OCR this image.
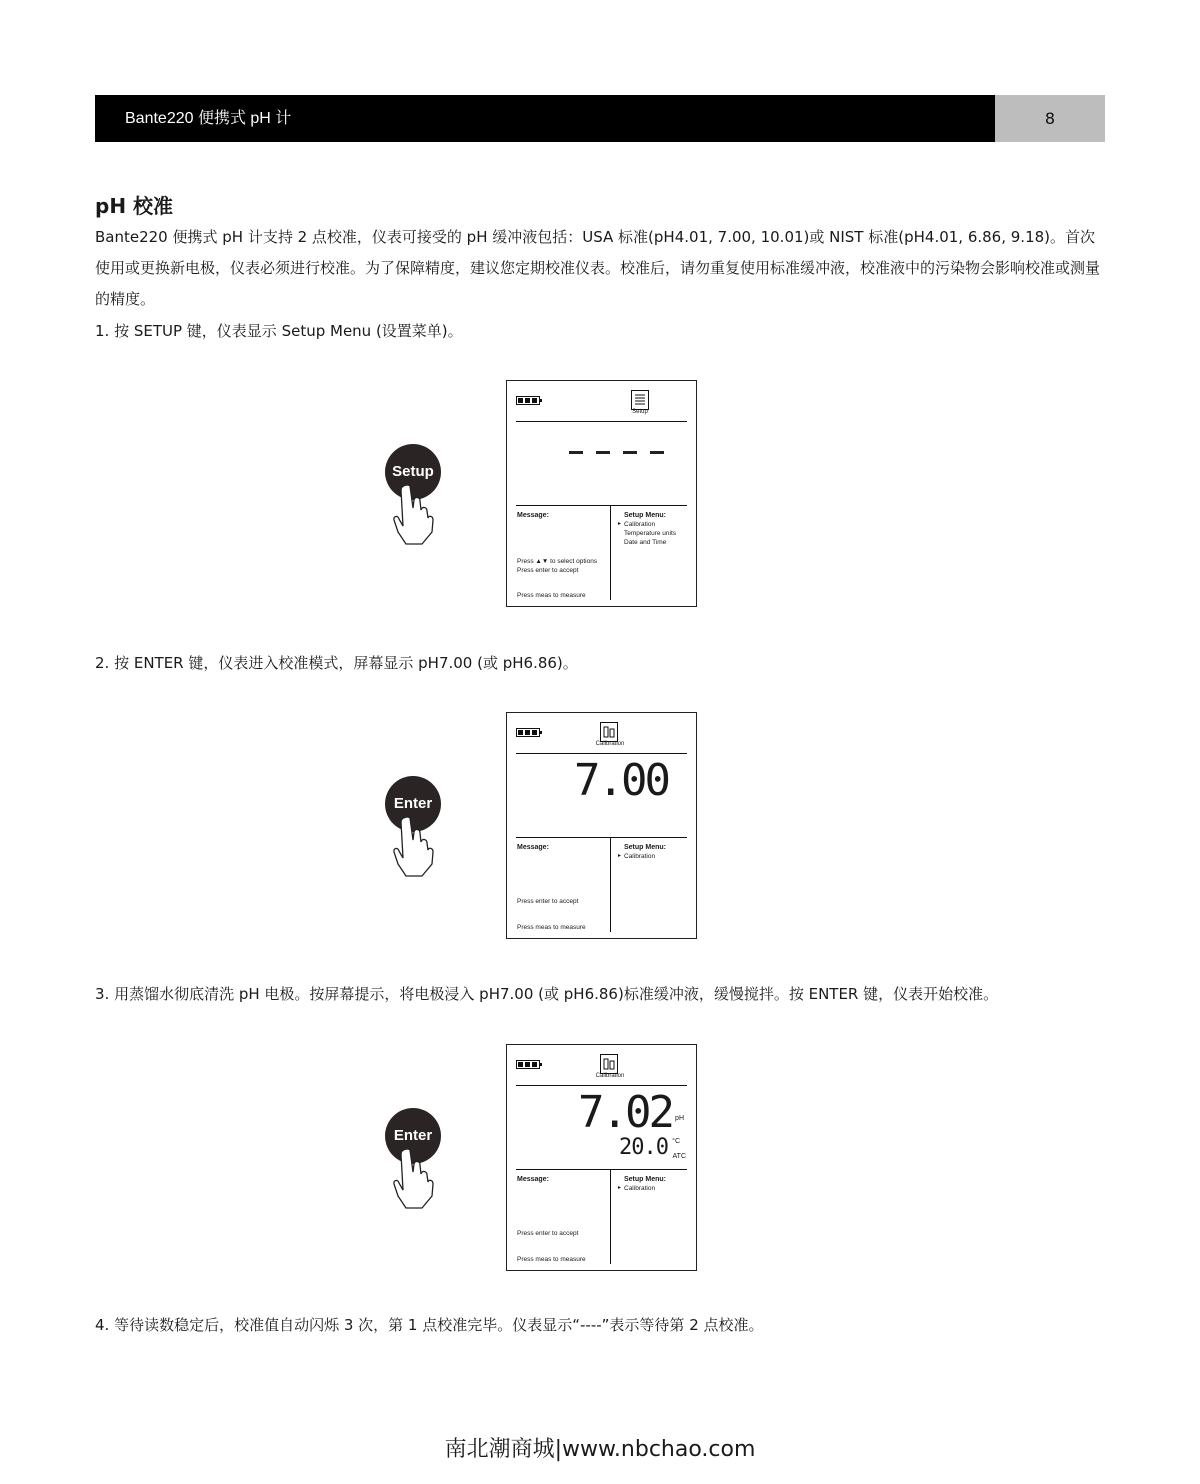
Bante220 便携式 pH 计	8
pH 校准
Bante220 便携式 pH 计支持 2 点校准，仪表可接受的 pH 缓冲液包括：USA 标准(pH4.01, 7.00, 10.01)或 NIST 标准(pH4.01, 6.86, 9.18)。首次使用或更换新电极，仪表必须进行校准。为了保障精度，建议您定期校准仪表。校准后，请勿重复使用标准缓冲液，校准液中的污染物会影响校准或测量的精度。
1. 按 SETUP 键，仪表显示 Setup Menu (设置菜单)。
Setup
Setup
Message:	Setup Menu:
▸ Calibration
Temperature units
Date and Time
Press ▲▼ to select options
Press enter to accept
Press meas to measure
2. 按 ENTER 键，仪表进入校准模式，屏幕显示 pH7.00 (或 pH6.86)。
Enter
Calibration
7.00
Message:	Setup Menu:
▸ Calibration
Press enter to accept
Press meas to measure
3. 用蒸馏水彻底清洗 pH 电极。按屏幕提示，将电极浸入 pH7.00 (或 pH6.86)标准缓冲液，缓慢搅拌。按 ENTER 键，仪表开始校准。
Enter
Calibration
7.02 pH
20.0 °C
ATC
Message:	Setup Menu:
▸ Calibration
Press enter to accept
Press meas to measure
4. 等待读数稳定后，校准值自动闪烁 3 次，第 1 点校准完毕。仪表显示“----”表示等待第 2 点校准。
南北潮商城|www.nbchao.com
